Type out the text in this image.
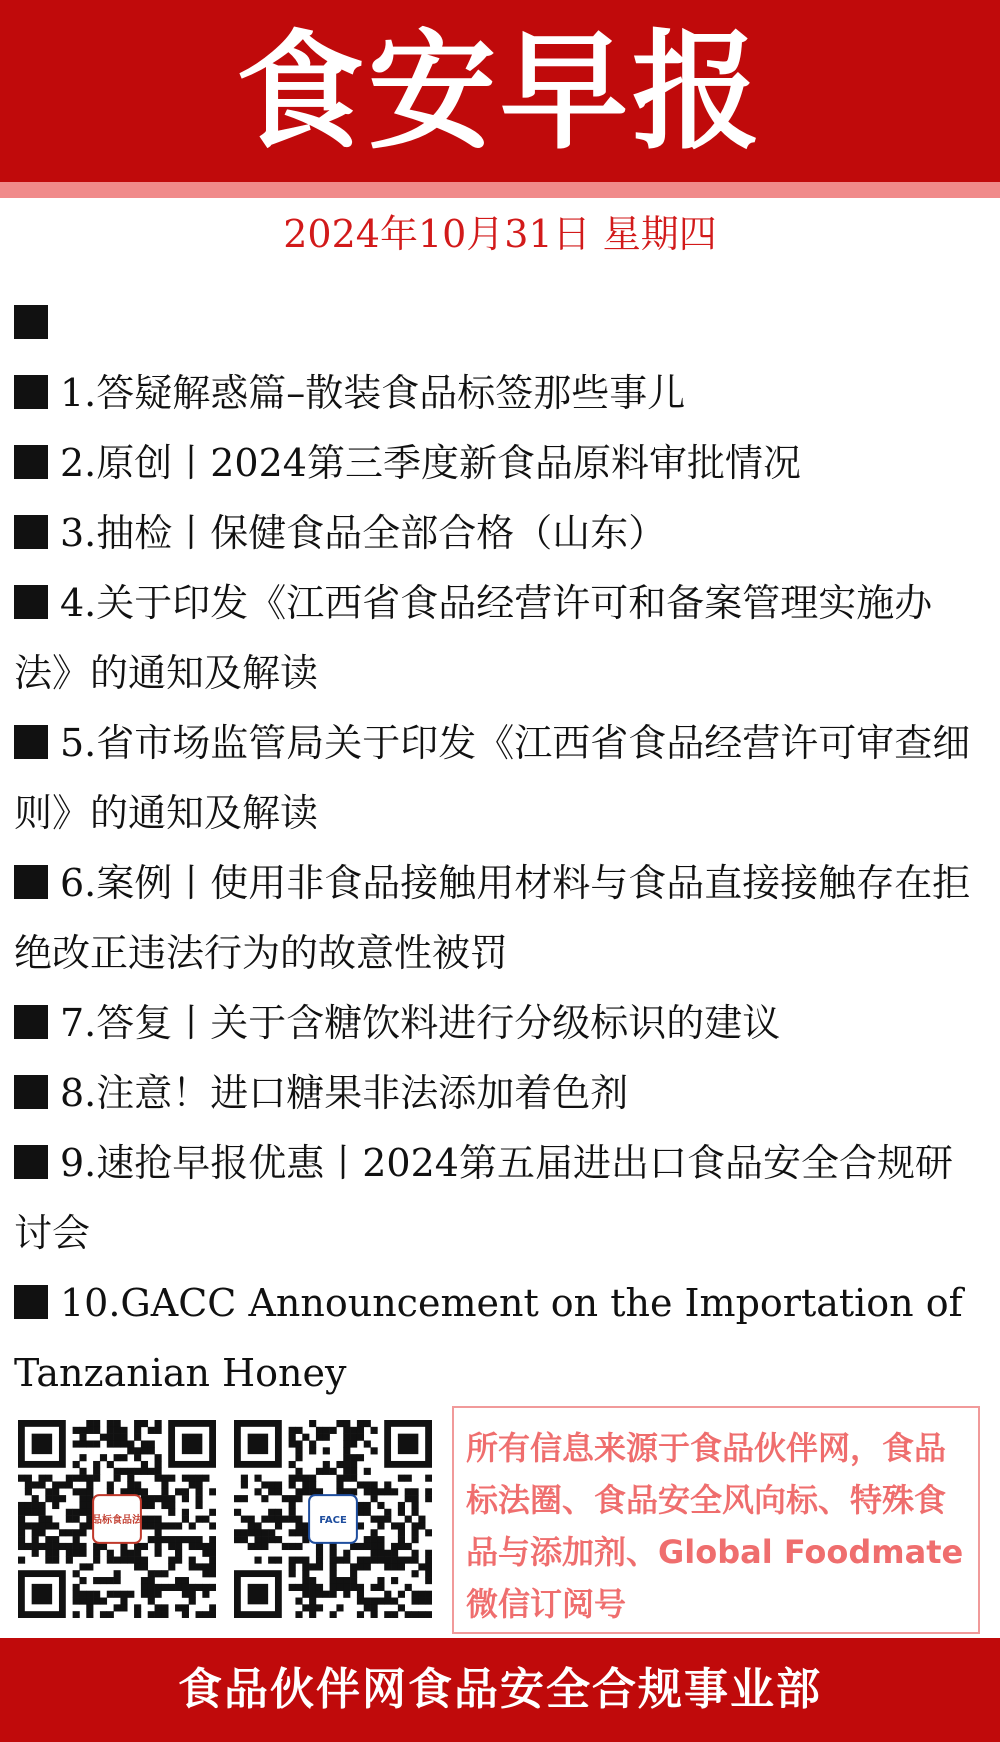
食安早报
2024年10月31日 星期四
1.答疑解惑篇–散装食品标签那些事儿
2.原创丨2024第三季度新食品原料审批情况
3.抽检丨保健食品全部合格（山东）
4.关于印发《江西省食品经营许可和备案管理实施办法》的通知及解读
5.省市场监管局关于印发《江西省食品经营许可审查细则》的通知及解读
6.案例丨使用非食品接触用材料与食品直接接触存在拒绝改正违法行为的故意性被罚
7.答复丨关于含糖饮料进行分级标识的建议
8.注意！进口糖果非法添加着色剂
9.速抢早报优惠丨2024第五届进出口食品安全合规研讨会
10.GACC Announcement on the Importation of Tanzanian Honey
品标食品法	FACE
所有信息来源于食品伙伴网，食品标法圈、食品安全风向标、特殊食品与添加剂、Global Foodmate微信订阅号
食品伙伴网食品安全合规事业部
